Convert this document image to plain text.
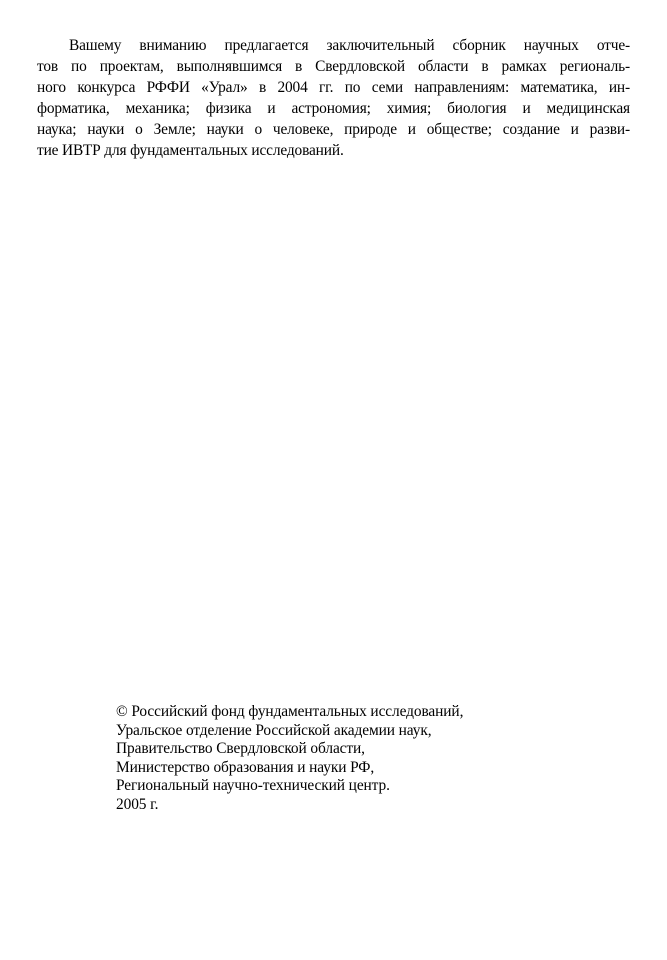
Вашему вниманию предлагается заключительный сборник научных отче-
тов по проектам, выполнявшимся в Свердловской области в рамках региональ-
ного конкурса РФФИ «Урал» в 2004 гг. по семи направлениям: математика, ин-
форматика, механика; физика и астрономия; химия; биология и медицинская
наука; науки о Земле; науки о человеке, природе и обществе; создание и разви-
тие ИВТР для фундаментальных исследований.
© Российский фонд фундаментальных исследований,
Уральское отделение Российской академии наук,
Правительство Свердловской области,
Министерство образования и науки РФ,
Региональный научно-технический центр.
2005 г.
